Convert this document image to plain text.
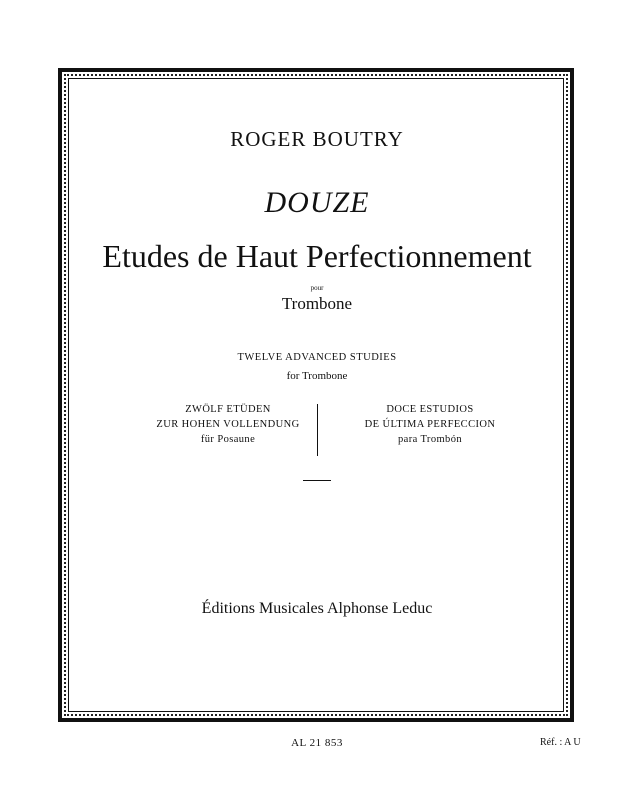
ROGER BOUTRY
DOUZE
Etudes de Haut Perfectionnement
pour
Trombone
TWELVE ADVANCED STUDIES
for Trombone
ZWÖLF ETÜDEN
ZUR HOHEN VOLLENDUNG
für Posaune
DOCE ESTUDIOS
DE ÚLTIMA PERFECCION
para Trombón
Éditions Musicales Alphonse Leduc
AL 21 853	Réf. : A U
